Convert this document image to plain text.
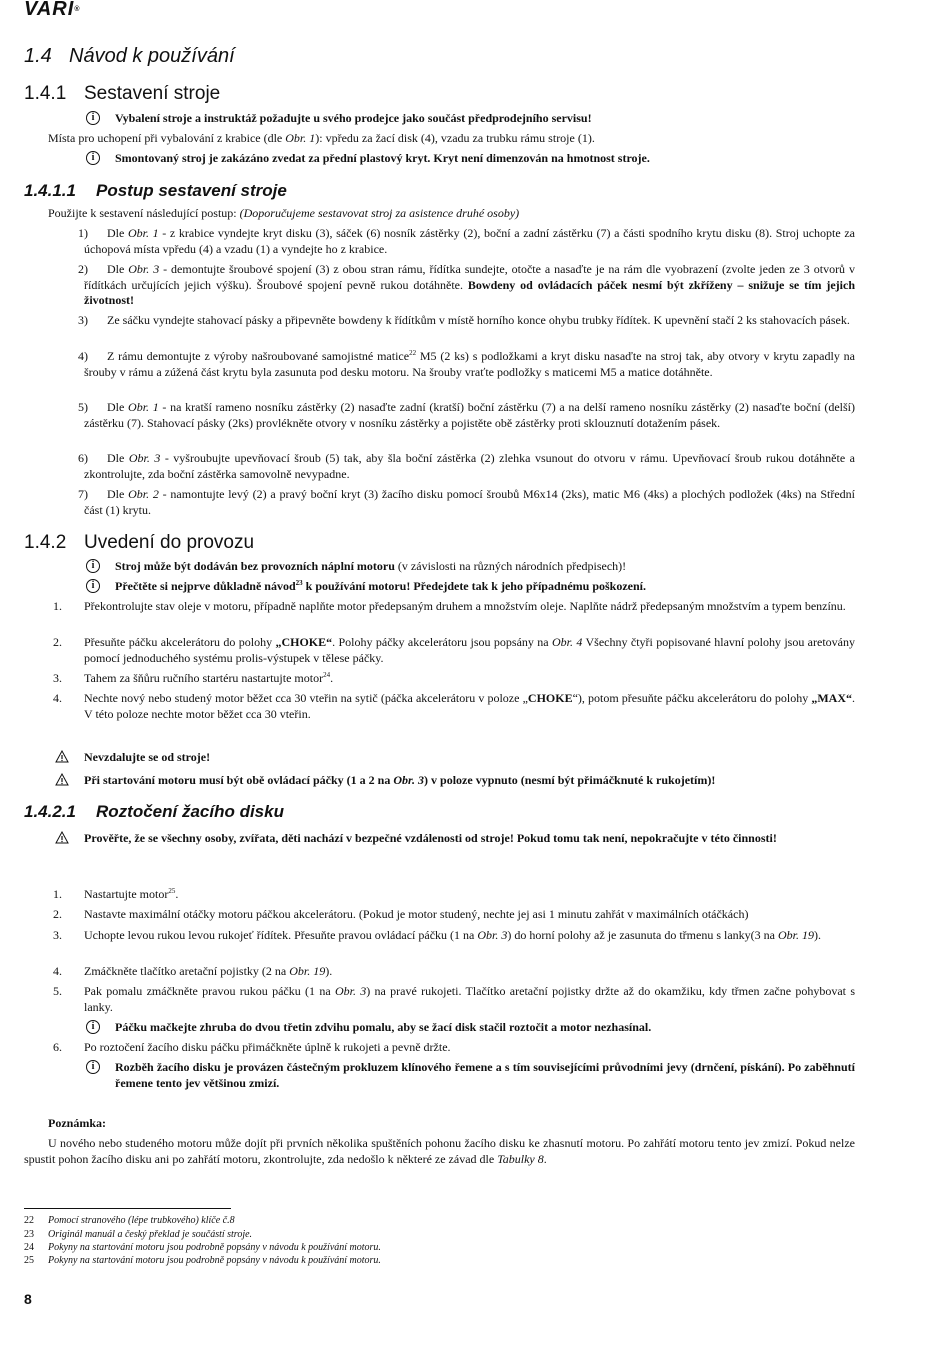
VARI®
1.4 Návod k používání
1.4.1 Sestavení stroje
i	Vybalení stroje a instruktáž požadujte u svého prodejce jako součást předprodejního servisu!
Místa pro uchopení při vybalování z krabice (dle Obr. 1): vpředu za žací disk (4), vzadu za trubku rámu stroje (1).
i	Smontovaný stroj je zakázáno zvedat za přední plastový kryt. Kryt není dimenzován na hmotnost stroje.
1.4.1.1 Postup sestavení stroje
Použijte k sestavení následující postup: (Doporučujeme sestavovat stroj za asistence druhé osoby)
1)	Dle Obr. 1 - z krabice vyndejte kryt disku (3), sáček (6) nosník zástěrky (2), boční a zadní zástěrku (7) a části spodního krytu disku (8). Stroj uchopte za úchopová místa vpředu (4) a vzadu (1) a vyndejte ho z krabice.
2)	Dle Obr. 3 - demontujte šroubové spojení (3) z obou stran rámu, řídítka sundejte, otočte a nasaďte je na rám dle vyobrazení (zvolte jeden ze 3 otvorů v řídítkách určujících jejich výšku). Šroubové spojení pevně rukou dotáhněte. Bowdeny od ovládacích páček nesmí být zkříženy – snižuje se tím jejich životnost!
3)	Ze sáčku vyndejte stahovací pásky a připevněte bowdeny k řídítkům v místě horního konce ohybu trubky řídítek. K upevnění stačí 2 ks stahovacích pásek.
4)	Z rámu demontujte z výroby našroubované samojistné matice$^{22}$ M5 (2 ks) s podložkami a kryt disku nasaďte na stroj tak, aby otvory v krytu zapadly na šrouby v rámu a zúžená část krytu byla zasunuta pod desku motoru. Na šrouby vraťte podložky s maticemi M5 a matice dotáhněte.
5)	Dle Obr. 1 - na kratší rameno nosníku zástěrky (2) nasaďte zadní (kratší) boční zástěrku (7) a na delší rameno nosníku zástěrky (2) nasaďte boční (delší) zástěrku (7). Stahovací pásky (2ks) provlékněte otvory v nosníku zástěrky a pojistěte obě zástěrky proti sklouznutí dotažením pásek.
6)	Dle Obr. 3 - vyšroubujte upevňovací šroub (5) tak, aby šla boční zástěrka (2) zlehka vsunout do otvoru v rámu. Upevňovací šroub rukou dotáhněte a zkontrolujte, zda boční zástěrka samovolně nevypadne.
7)	Dle Obr. 2 - namontujte levý (2) a pravý boční kryt (3) žacího disku pomocí šroubů M6x14 (2ks), matic M6 (4ks) a plochých podložek (4ks) na Střední část (1) krytu.
1.4.2 Uvedení do provozu
i	Stroj může být dodáván bez provozních náplní motoru (v závislosti na různých národních předpisech)!
i	Přečtěte si nejprve důkladně návod$^{23}$ k používání motoru! Předejdete tak k jeho případnému poškození.
1. Překontrolujte stav oleje v motoru, případně naplňte motor předepsaným druhem a množstvím oleje. Naplňte nádrž předepsaným množstvím a typem benzínu.
2. Přesuňte páčku akcelerátoru do polohy „CHOKE“. Polohy páčky akcelerátoru jsou popsány na Obr. 4 Všechny čtyři popisované hlavní polohy jsou aretovány pomocí jednoduchého systému prolis-výstupek v tělese páčky.
3. Tahem za šňůru ručního startéru nastartujte motor$^{24}$.
4. Nechte nový nebo studený motor běžet cca 30 vteřin na sytič (páčka akcelerátoru v poloze „CHOKE“), potom přesuňte páčku akcelerátoru do polohy „MAX“. V této poloze nechte motor běžet cca 30 vteřin.
Nevzdalujte se od stroje!
Při startování motoru musí být obě ovládací páčky (1 a 2 na Obr. 3) v poloze vypnuto (nesmí být přimáčknuté k rukojetím)!
1.4.2.1 Roztočení žacího disku
Prověřte, že se všechny osoby, zvířata, děti nachází v bezpečné vzdálenosti od stroje! Pokud tomu tak není, nepokračujte v této činnosti!
1. Nastartujte motor$^{25}$.
2. Nastavte maximální otáčky motoru páčkou akcelerátoru. (Pokud je motor studený, nechte jej asi 1 minutu zahřát v maximálních otáčkách)
3. Uchopte levou rukou levou rukojeť řídítek. Přesuňte pravou ovládací páčku (1 na Obr. 3) do horní polohy až je zasunuta do třmenu s lanky(3 na Obr. 19).
4. Zmáčkněte tlačítko aretační pojistky (2 na Obr. 19).
5. Pak pomalu zmáčkněte pravou rukou páčku (1 na Obr. 3) na pravé rukojeti. Tlačítko aretační pojistky držte až do okamžiku, kdy třmen začne pohybovat s lanky.
i	Páčku mačkejte zhruba do dvou třetin zdvihu pomalu, aby se žací disk stačil roztočit a motor nezhasínal.
6. Po roztočení žacího disku páčku přimáčkněte úplně k rukojeti a pevně držte.
i	Rozběh žacího disku je provázen částečným prokluzem klínového řemene a s tím souvisejícími průvodními jevy (drnčení, pískání). Po zaběhnutí řemene tento jev většinou zmizí.
Poznámka:
U nového nebo studeného motoru může dojít při prvních několika spuštěních pohonu žacího disku ke zhasnutí motoru. Po zahřátí motoru tento jev zmizí. Pokud nelze spustit pohon žacího disku ani po zahřátí motoru, zkontrolujte, zda nedošlo k některé ze závad dle Tabulky 8.
22 Pomocí stranového (lépe trubkového) klíče č.8
23 Originál manuál a český překlad je součástí stroje.
24 Pokyny na startování motoru jsou podrobně popsány v návodu k používání motoru.
25 Pokyny na startování motoru jsou podrobně popsány v návodu k používání motoru.
8
